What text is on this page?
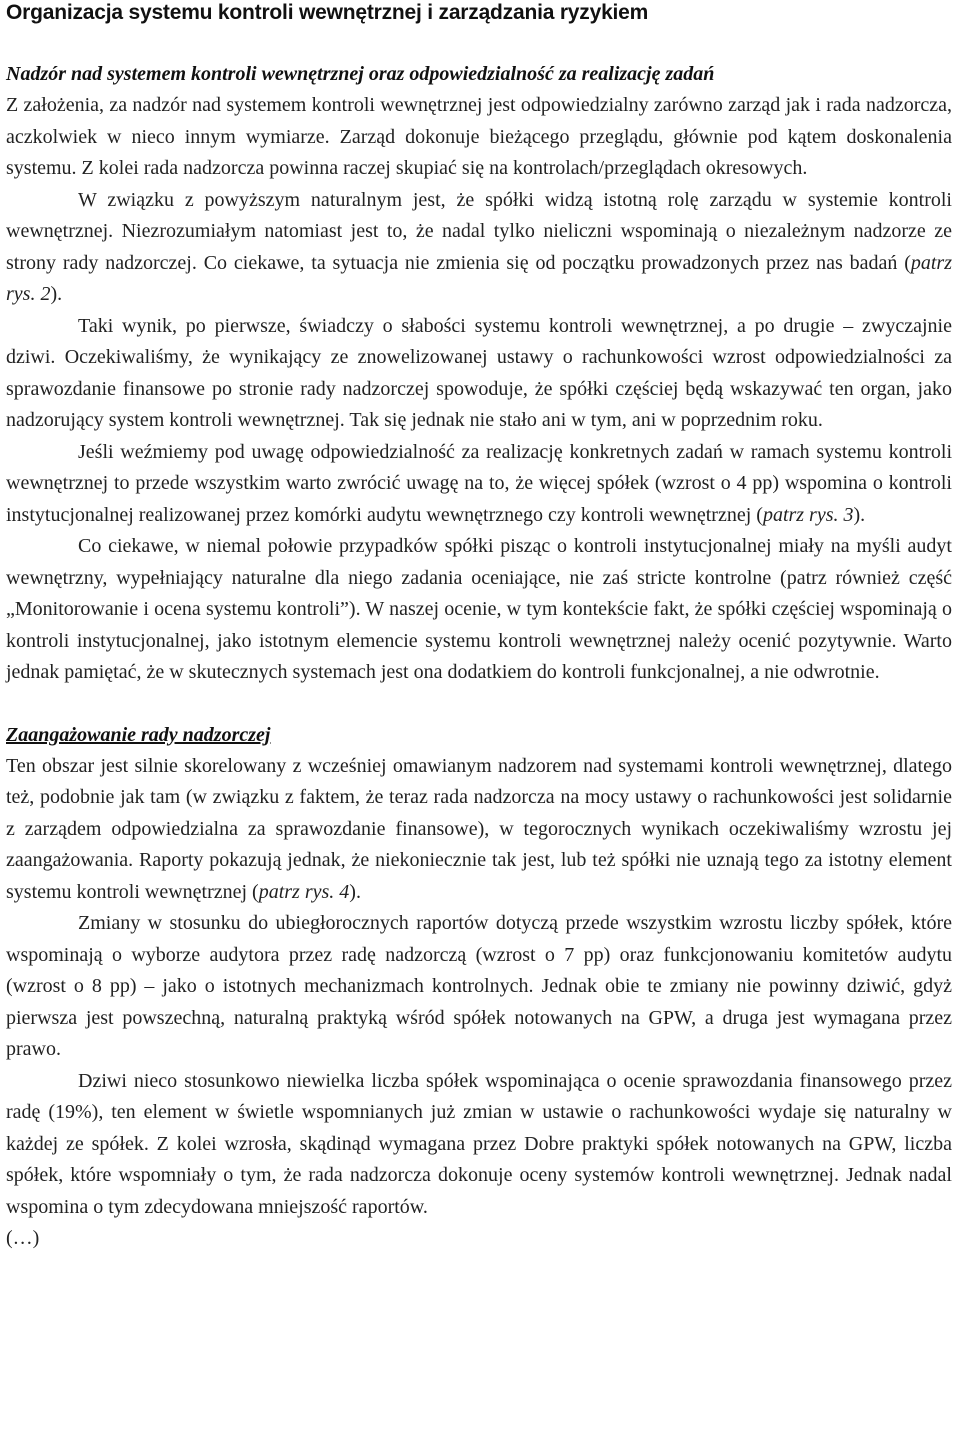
Organizacja systemu kontroli wewnętrznej i zarządzania ryzykiem
Nadzór nad systemem kontroli wewnętrznej oraz odpowiedzialność za realizację zadań

Z założenia, za nadzór nad systemem kontroli wewnętrznej jest odpowiedzialny zarówno zarząd jak i rada nadzorcza, aczkolwiek w nieco innym wymiarze. Zarząd dokonuje bieżącego przeglądu, głównie pod kątem doskonalenia systemu. Z kolei rada nadzorcza powinna raczej skupiać się na kontrolach/przeglądach okresowych.

W związku z powyższym naturalnym jest, że spółki widzą istotną rolę zarządu w systemie kontroli wewnętrznej. Niezrozumiałym natomiast jest to, że nadal tylko nieliczni wspominają o niezależnym nadzorze ze strony rady nadzorczej. Co ciekawe, ta sytuacja nie zmienia się od początku prowadzonych przez nas badań (patrz rys. 2).

Taki wynik, po pierwsze, świadczy o słabości systemu kontroli wewnętrznej, a po drugie – zwyczajnie dziwi. Oczekiwaliśmy, że wynikający ze znowelizowanej ustawy o rachunkowości wzrost odpowiedzialności za sprawozdanie finansowe po stronie rady nadzorczej spowoduje, że spółki częściej będą wskazywać ten organ, jako nadzorujący system kontroli wewnętrznej. Tak się jednak nie stało ani w tym, ani w poprzednim roku.

Jeśli weźmiemy pod uwagę odpowiedzialność za realizację konkretnych zadań w ramach systemu kontroli wewnętrznej to przede wszystkim warto zwrócić uwagę na to, że więcej spółek (wzrost o 4 pp) wspomina o kontroli instytucjonalnej realizowanej przez komórki audytu wewnętrznego czy kontroli wewnętrznej (patrz rys. 3).

Co ciekawe, w niemal połowie przypadków spółki pisząc o kontroli instytucjonalnej miały na myśli audyt wewnętrzny, wypełniający naturalne dla niego zadania oceniające, nie zaś stricte kontrolne (patrz również część „Monitorowanie i ocena systemu kontroli”). W naszej ocenie, w tym kontekście fakt, że spółki częściej wspominają o kontroli instytucjonalnej, jako istotnym elemencie systemu kontroli wewnętrznej należy ocenić pozytywnie. Warto jednak pamiętać, że w skutecznych systemach jest ona dodatkiem do kontroli funkcjonalnej, a nie odwrotnie.

Zaangażowanie rady nadzorczej

Ten obszar jest silnie skorelowany z wcześniej omawianym nadzorem nad systemami kontroli wewnętrznej, dlatego też, podobnie jak tam (w związku z faktem, że teraz rada nadzorcza na mocy ustawy o rachunkowości jest solidarnie z zarządem odpowiedzialna za sprawozdanie finansowe), w tegorocznych wynikach oczekiwaliśmy wzrostu jej zaangażowania. Raporty pokazują jednak, że niekoniecznie tak jest, lub też spółki nie uznają tego za istotny element systemu kontroli wewnętrznej (patrz rys. 4).

Zmiany w stosunku do ubiegłorocznych raportów dotyczą przede wszystkim wzrostu liczby spółek, które wspominają o wyborze audytora przez radę nadzorczą (wzrost o 7 pp) oraz funkcjonowaniu komitetów audytu (wzrost o 8 pp) – jako o istotnych mechanizmach kontrolnych. Jednak obie te zmiany nie powinny dziwić, gdyż pierwsza jest powszechną, naturalną praktyką wśród spółek notowanych na GPW, a druga jest wymagana przez prawo.

Dziwi nieco stosunkowo niewielka liczba spółek wspominająca o ocenie sprawozdania finansowego przez radę (19%), ten element w świetle wspomnianych już zmian w ustawie o rachunkowości wydaje się naturalny w każdej ze spółek. Z kolei wzrosła, skądinąd wymagana przez Dobre praktyki spółek notowanych na GPW, liczba spółek, które wspomniały o tym, że rada nadzorcza dokonuje oceny systemów kontroli wewnętrznej. Jednak nadal wspomina o tym zdecydowana mniejszość raportów.

(…)
